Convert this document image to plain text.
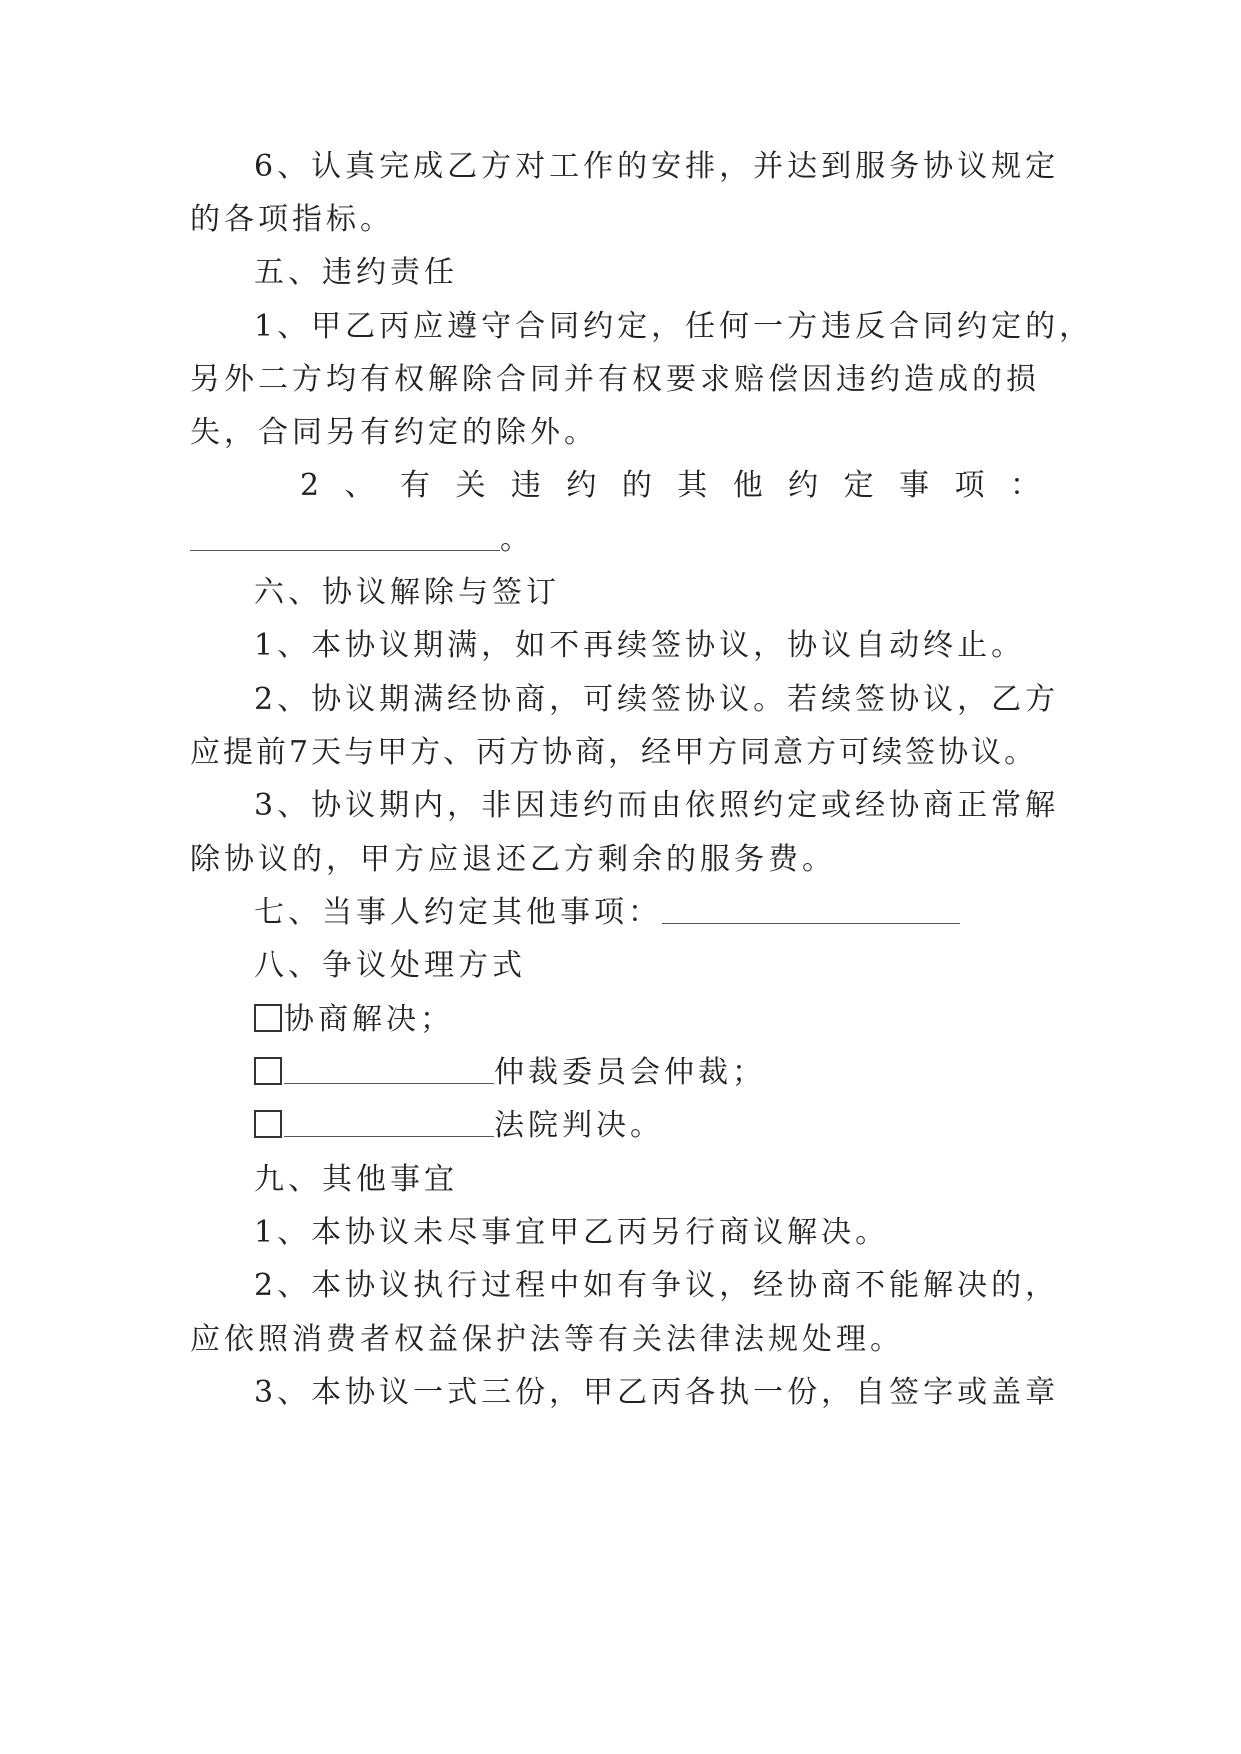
6、认真完成乙方对工作的安排，并达到服务协议规定
的各项指标。
五、违约责任
1、甲乙丙应遵守合同约定，任何一方违反合同约定的，
另外二方均有权解除合同并有权要求赔偿因违约造成的损
失，合同另有约定的除外。
2 、 有 关 违 约 的 其 他 约 定 事 项 ：
。
六、协议解除与签订
1、本协议期满，如不再续签协议，协议自动终止。
2、协议期满经协商，可续签协议。若续签协议，乙方
应提前7天与甲方、丙方协商，经甲方同意方可续签协议。
3、协议期内，非因违约而由依照约定或经协商正常解
除协议的，甲方应退还乙方剩余的服务费。
七、当事人约定其他事项：
八、争议处理方式
协商解决；
仲裁委员会仲裁；
法院判决。
九、其他事宜
1、本协议未尽事宜甲乙丙另行商议解决。
2、本协议执行过程中如有争议，经协商不能解决的，
应依照消费者权益保护法等有关法律法规处理。
3、本协议一式三份，甲乙丙各执一份，自签字或盖章
